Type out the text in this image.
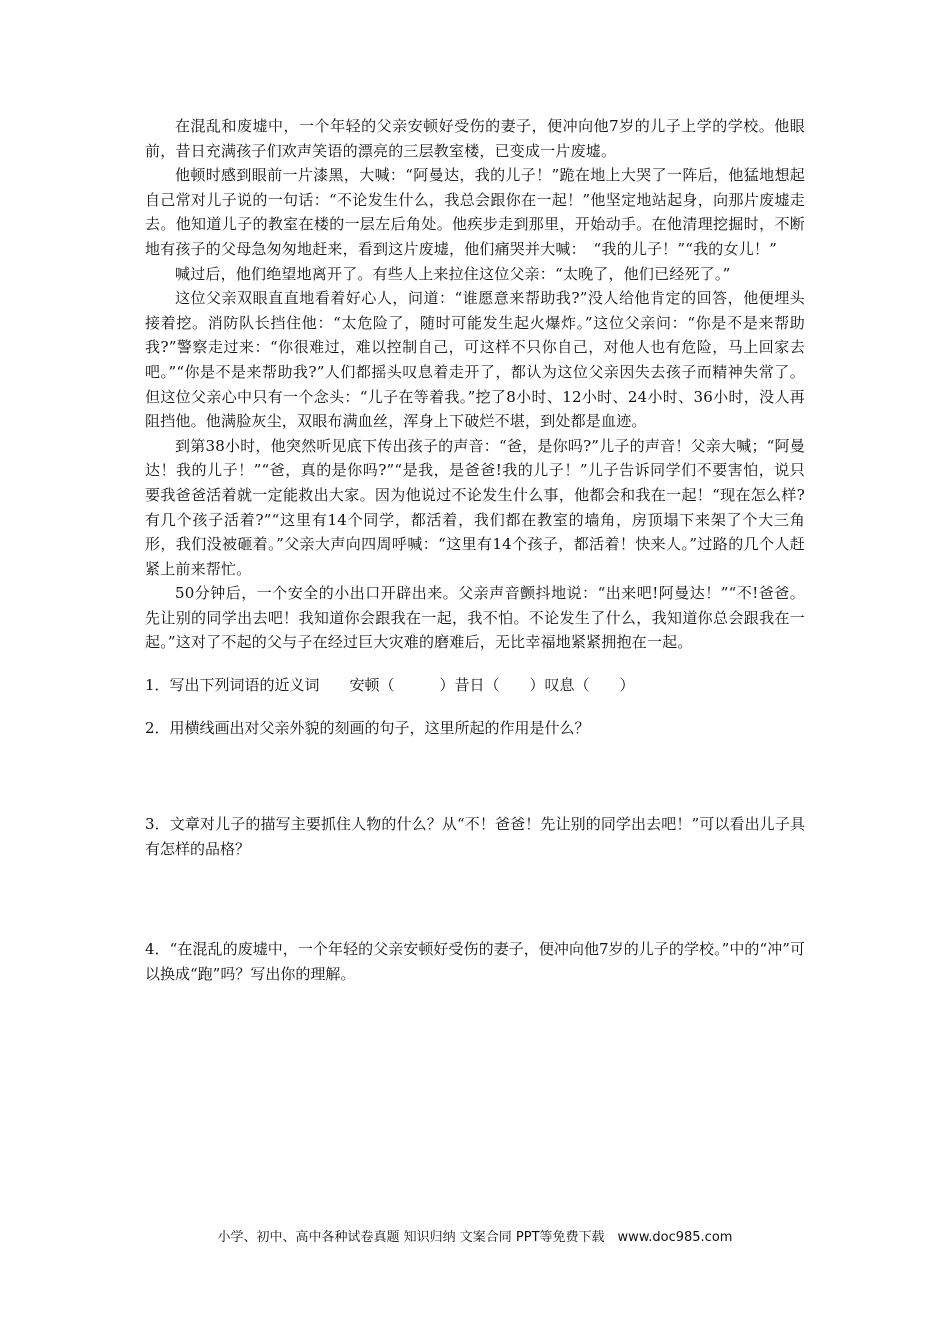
在混乱和废墟中，一个年轻的父亲安顿好受伤的妻子，便冲向他7岁的儿子上学的学校。他眼前，昔日充满孩子们欢声笑语的漂亮的三层教室楼，已变成一片废墟。

他顿时感到眼前一片漆黑，大喊：“阿曼达，我的儿子！”跪在地上大哭了一阵后，他猛地想起自己常对儿子说的一句话：“不论发生什么，我总会跟你在一起！”他坚定地站起身，向那片废墟走去。他知道儿子的教室在楼的一层左后角处。他疾步走到那里，开始动手。在他清理挖掘时，不断地有孩子的父母急匆匆地赶来，看到这片废墟，他们痛哭并大喊：　“我的儿子！”“我的女儿！”

喊过后，他们绝望地离开了。有些人上来拉住这位父亲：“太晚了，他们已经死了。”

这位父亲双眼直直地看着好心人，问道：“谁愿意来帮助我?”没人给他肯定的回答，他便埋头接着挖。消防队长挡住他：“太危险了，随时可能发生起火爆炸。”这位父亲问：“你是不是来帮助我?”警察走过来：“你很难过，难以控制自己，可这样不只你自己，对他人也有危险，马上回家去吧。”“你是不是来帮助我?”人们都摇头叹息着走开了，都认为这位父亲因失去孩子而精神失常了。但这位父亲心中只有一个念头：“儿子在等着我。”挖了8小时、12小时、24小时、36小时，没人再阻挡他。他满脸灰尘，双眼布满血丝，浑身上下破烂不堪，到处都是血迹。

到第38小时，他突然听见底下传出孩子的声音：“爸，是你吗?”儿子的声音！父亲大喊；“阿曼达！我的儿子！”“爸，真的是你吗?”“是我，是爸爸!我的儿子！”儿子告诉同学们不要害怕，说只要我爸爸活着就一定能救出大家。因为他说过不论发生什么事，他都会和我在一起！“现在怎么样?有几个孩子活着?”“这里有14个同学，都活着，我们都在教室的墙角，房顶塌下来架了个大三角形，我们没被砸着。”父亲大声向四周呼喊：“这里有14个孩子，都活着！快来人。”过路的几个人赶紧上前来帮忙。

50分钟后，一个安全的小出口开辟出来。父亲声音颤抖地说：“出来吧!阿曼达！”“不!爸爸。先让别的同学出去吧！我知道你会跟我在一起，我不怕。不论发生了什么，我知道你总会跟我在一起。”这对了不起的父与子在经过巨大灾难的磨难后，无比幸福地紧紧拥抱在一起。

1．写出下列词语的近义词　　安顿（　　　）昔日（　　）叹息（　　）

2．用横线画出对父亲外貌的刻画的句子，这里所起的作用是什么？

3．文章对儿子的描写主要抓住人物的什么？从“不！爸爸！先让别的同学出去吧！”可以看出儿子具有怎样的品格？

4．“在混乱的废墟中，一个年轻的父亲安顿好受伤的妻子，便冲向他7岁的儿子的学校。”中的“冲”可以换成“跑”吗？写出你的理解。

小学、初中、高中各种试卷真题 知识归纳 文案合同 PPT等免费下载　www.doc985.com
